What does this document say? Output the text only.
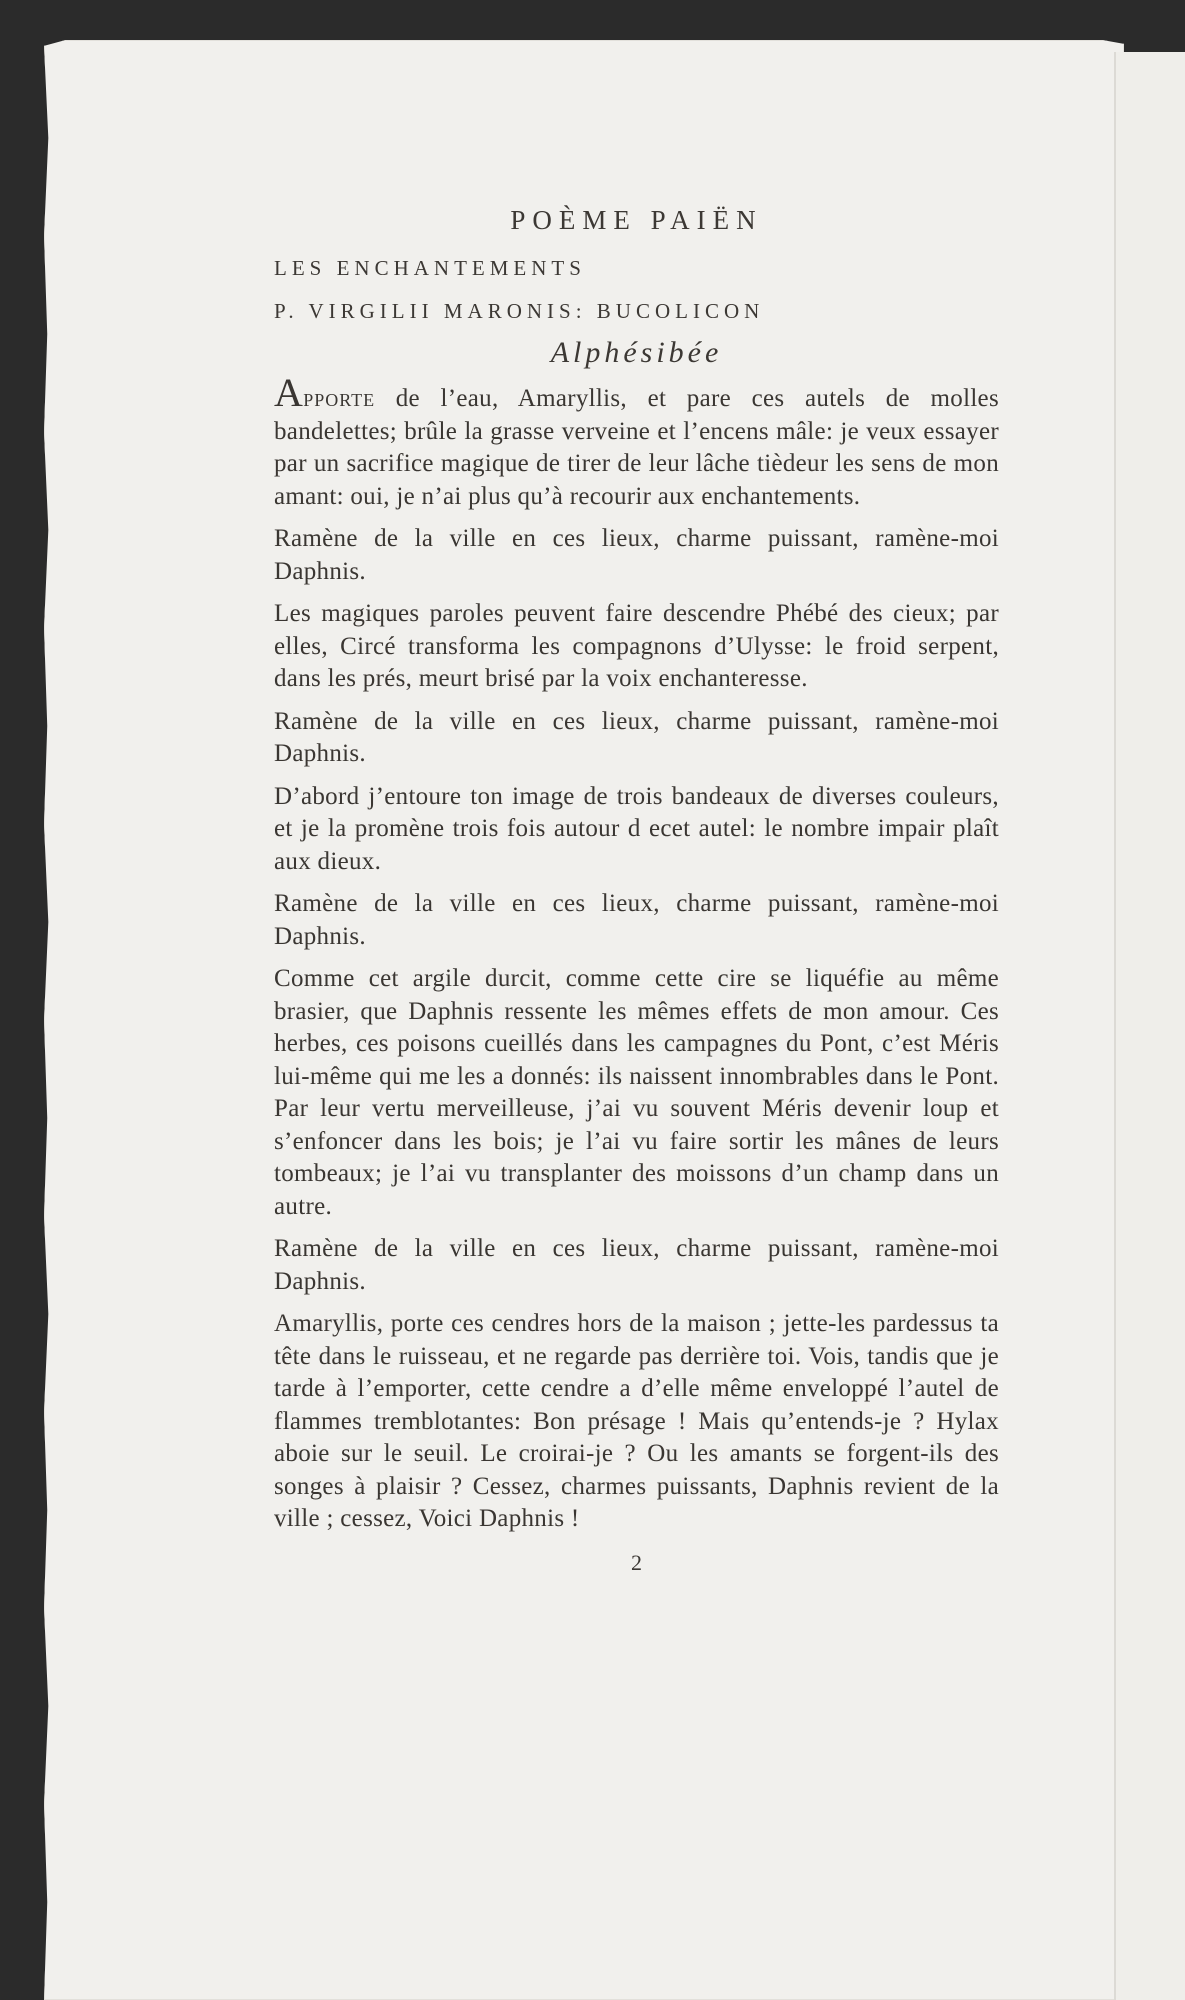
POÈME PAIËN
LES ENCHANTEMENTS
P. VIRGILII MARONIS: BUCOLICON
Alphésibée

Apporte de l’eau, Amaryllis, et pare ces autels de molles bandelettes; brûle la grasse verveine et l’encens mâle: je veux essayer par un sacrifice magique de tirer de leur lâche tièdeur les sens de mon amant: oui, je n’ai plus qu’à recourir aux enchantements.

Ramène de la ville en ces lieux, charme puissant, ramène-moi Daphnis.

Les magiques paroles peuvent faire descendre Phébé des cieux; par elles, Circé transforma les compagnons d’Ulysse: le froid serpent, dans les prés, meurt brisé par la voix enchanteresse.

Ramène de la ville en ces lieux, charme puissant, ramène-moi Daphnis.

D’abord j’entoure ton image de trois bandeaux de diverses couleurs, et je la promène trois fois autour d ecet autel: le nombre impair plaît aux dieux.

Ramène de la ville en ces lieux, charme puissant, ramène-moi Daphnis.

Comme cet argile durcit, comme cette cire se liquéfie au même brasier, que Daphnis ressente les mêmes effets de mon amour. Ces herbes, ces poisons cueillés dans les campagnes du Pont, c’est Méris lui-même qui me les a donnés: ils naissent innombrables dans le Pont. Par leur vertu merveilleuse, j’ai vu souvent Méris devenir loup et s’enfoncer dans les bois; je l’ai vu faire sortir les mânes de leurs tombeaux; je l’ai vu transplanter des moissons d’un champ dans un autre.

Ramène de la ville en ces lieux, charme puissant, ramène-moi Daphnis.

Amaryllis, porte ces cendres hors de la maison ; jette-les pardessus ta tête dans le ruisseau, et ne regarde pas derrière toi. Vois, tandis que je tarde à l’emporter, cette cendre a d’elle même enveloppé l’autel de flammes tremblotantes: Bon présage ! Mais qu’entends-je ? Hylax aboie sur le seuil. Le croirai-je ? Ou les amants se forgent-ils des songes à plaisir ? Cessez, charmes puissants, Daphnis revient de la ville ; cessez, Voici Daphnis !

2
